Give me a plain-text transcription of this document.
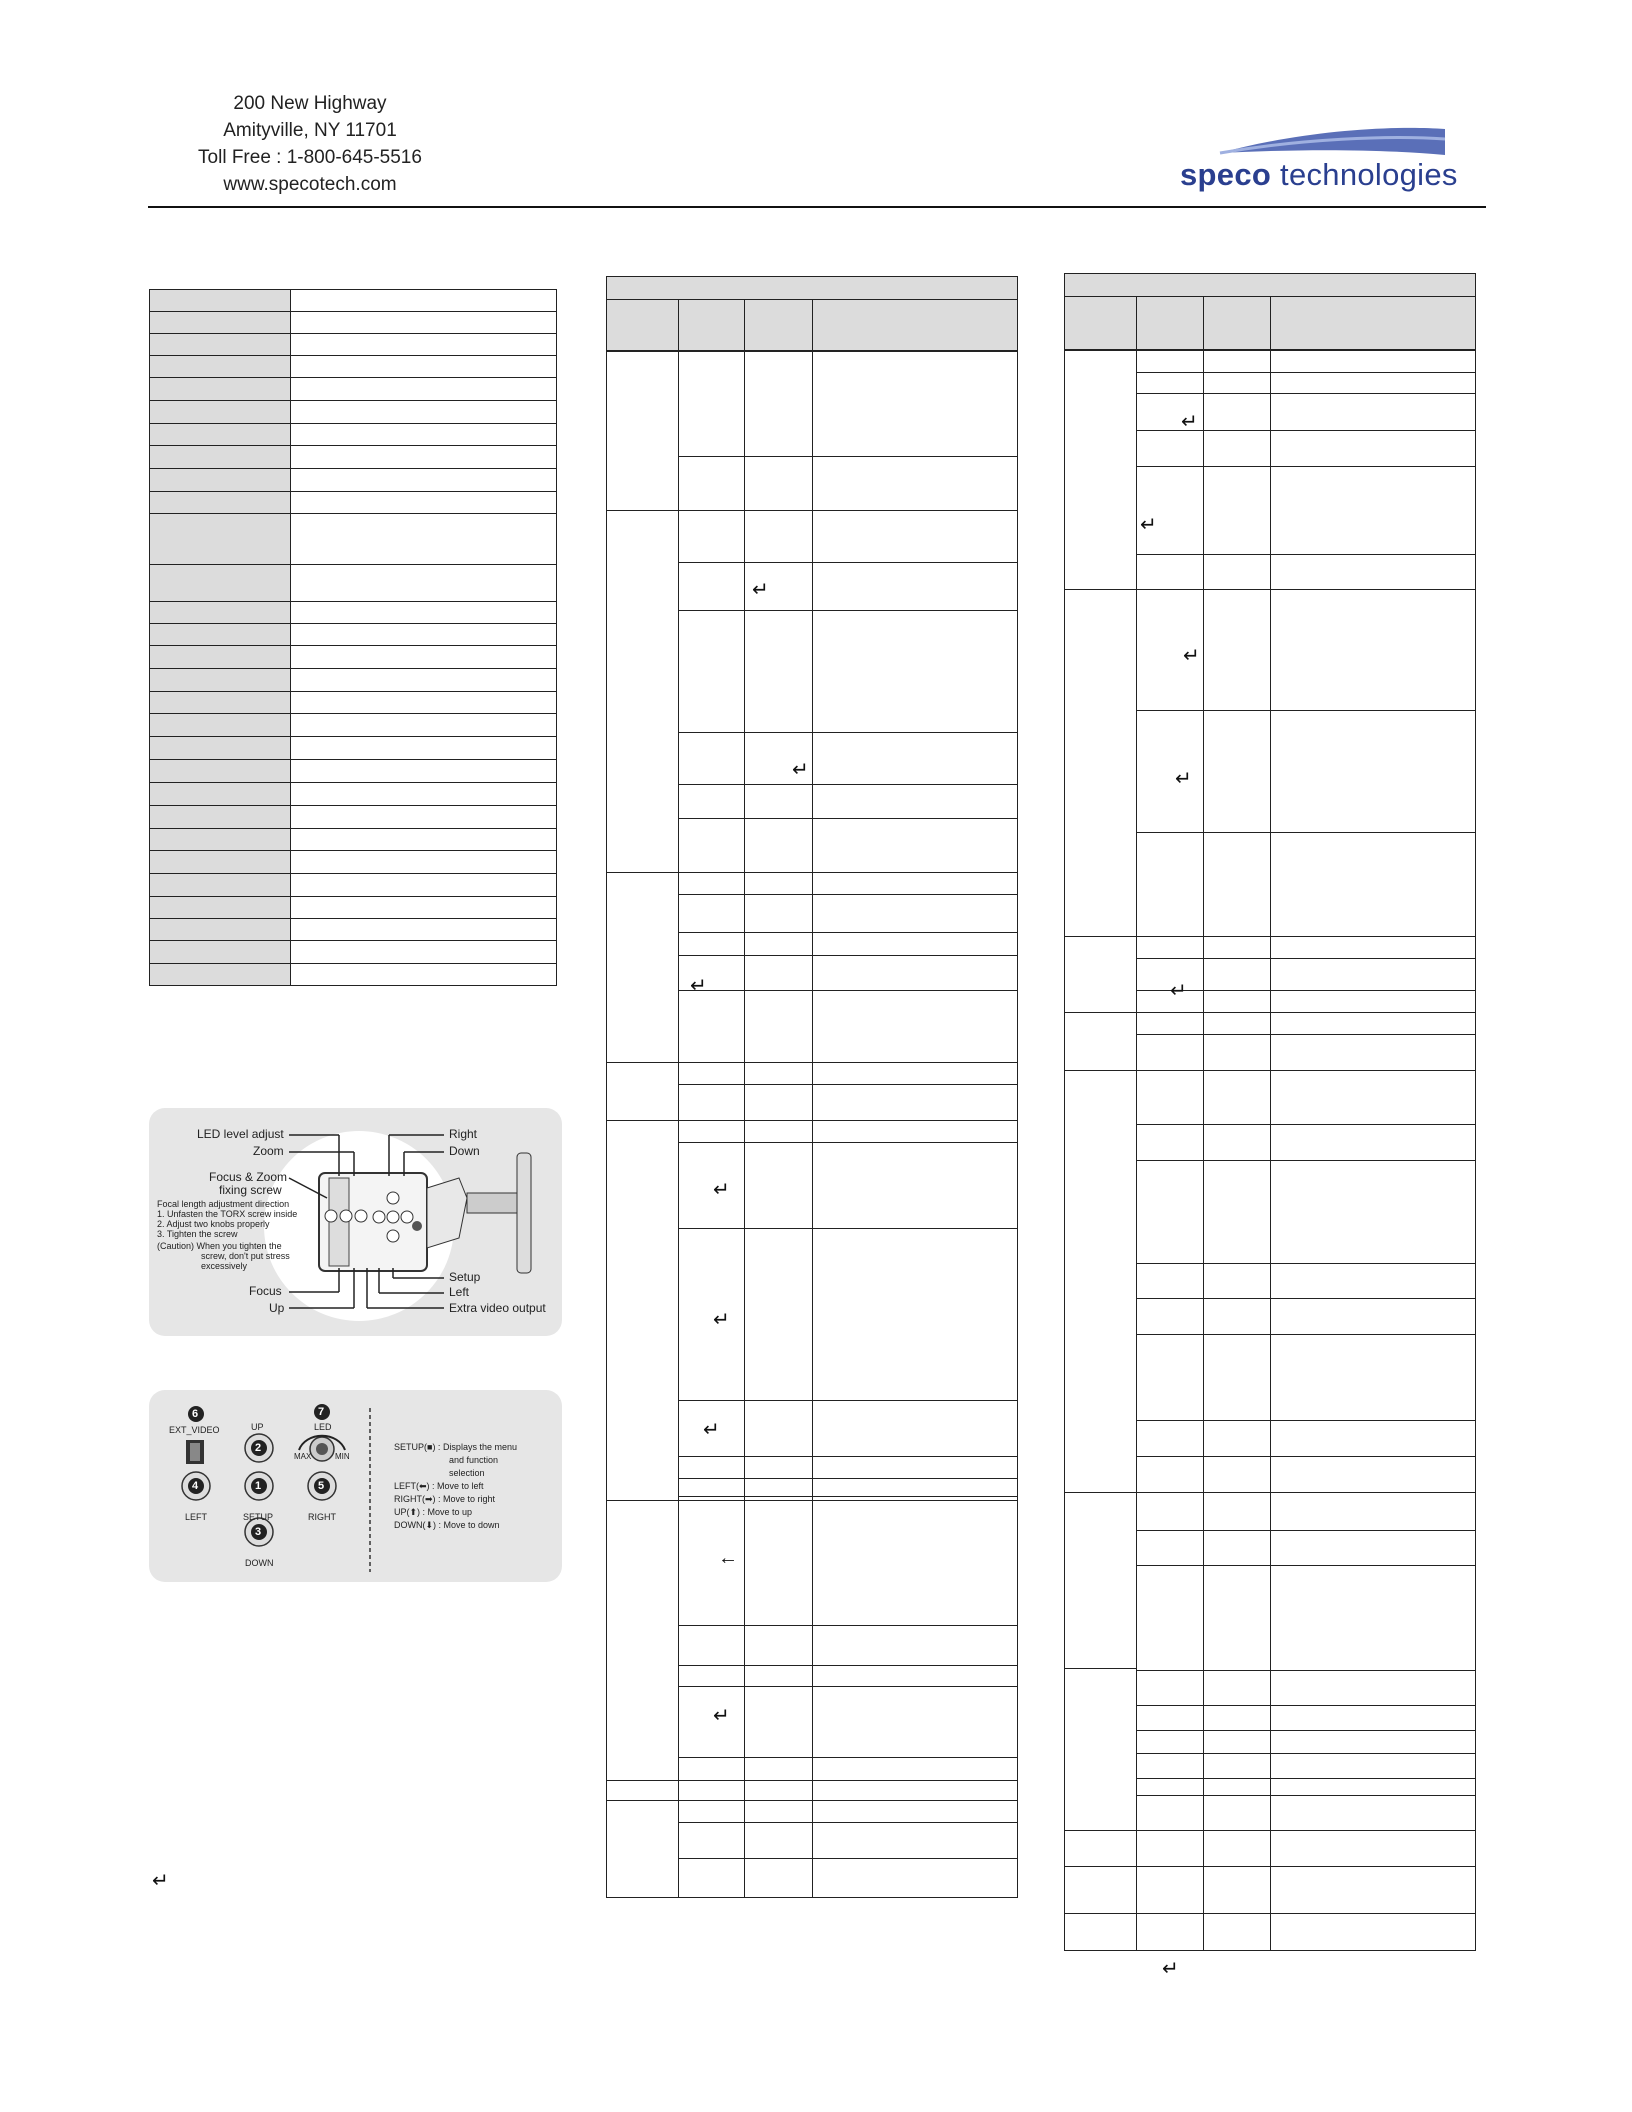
200 New Highway
Amityville, NY 11701
Toll Free : 1-800-645-5516
www.specotech.com	speco technologies
LED level adjust
Zoom
Focus & Zoom
fixing screw
Focal length adjustment direction
1. Unfasten the TORX screw inside
2. Adjust two knobs properly
3. Tighten the screw
(Caution) When you tighten the
screw, don't put stress
excessively
Focus
Up
Right
Down
Setup
Left
Extra video output
6
EXT_VIDEO	UP
2
7
LED
MAX	MIN
4
LEFT
1
SETUP
5
RIGHT
3
DOWN
SETUP(■) : Displays the menu
and function
selection
LEFT(⬅) : Move to left
RIGHT(➡) : Move to right
UP(⬆) : Move to up
DOWN(⬇) : Move to down
↵
↵
↵
↵
↵
↵
↵
↵
↵
↵
↵
↵
↵
↵
←
